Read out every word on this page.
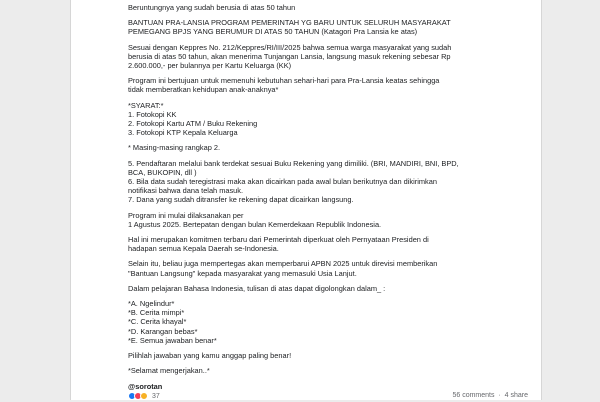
Beruntungnya yang sudah berusia di atas 50 tahun
BANTUAN PRA-LANSIA PROGRAM PEMERINTAH YG BARU UNTUK SELURUH MASYARAKAT
PEMEGANG BPJS YANG BERUMUR DI ATAS 50 TAHUN (Katagori Pra Lansia ke atas)
Sesuai dengan Keppres No. 212/Keppres/RI/III/2025 bahwa semua warga masyarakat yang sudah
berusia di atas 50 tahun, akan menerima Tunjangan Lansia, langsung masuk rekening sebesar Rp
2.600.000,- per bulannya per Kartu Keluarga (KK)
Program ini bertujuan untuk memenuhi kebutuhan sehari-hari para Pra-Lansia keatas sehingga
tidak memberatkan kehidupan anak-anaknya*
*SYARAT:*
1. Fotokopi KK
2. Fotokopi Kartu ATM / Buku Rekening
3. Fotokopi KTP Kepala Keluarga
* Masing-masing rangkap 2.
5. Pendaftaran melalui bank terdekat sesuai Buku Rekening yang dimiliki. (BRI, MANDIRI, BNI, BPD,
BCA, BUKOPIN, dll )
6. Bila data sudah teregistrasi maka akan dicairkan pada awal bulan berikutnya dan dikirimkan
notifikasi bahwa dana telah masuk.
7. Dana yang sudah ditransfer ke rekening dapat dicairkan langsung.
Program ini mulai dilaksanakan per
1 Agustus 2025. Bertepatan dengan bulan Kemerdekaan Republik Indonesia.
Hal ini merupakan komitmen terbaru dari Pemerintah diperkuat oleh Pernyataan Presiden di
hadapan semua Kepala Daerah se-Indonesia.
Selain itu, beliau juga mempertegas akan memperbarui APBN 2025 untuk direvisi memberikan
"Bantuan Langsung" kepada masyarakat yang memasuki Usia Lanjut.
Dalam pelajaran Bahasa Indonesia, tulisan di atas dapat digolongkan dalam_ :
*A. Ngelindur*
*B. Cerita mimpi*
*C. Cerita khayal*
*D. Karangan bebas*
*E. Semua jawaban benar*
Pilihlah jawaban yang kamu anggap paling benar!
*Selamat mengerjakan..*
@sorotan
37	56 comments  ·  4 share
